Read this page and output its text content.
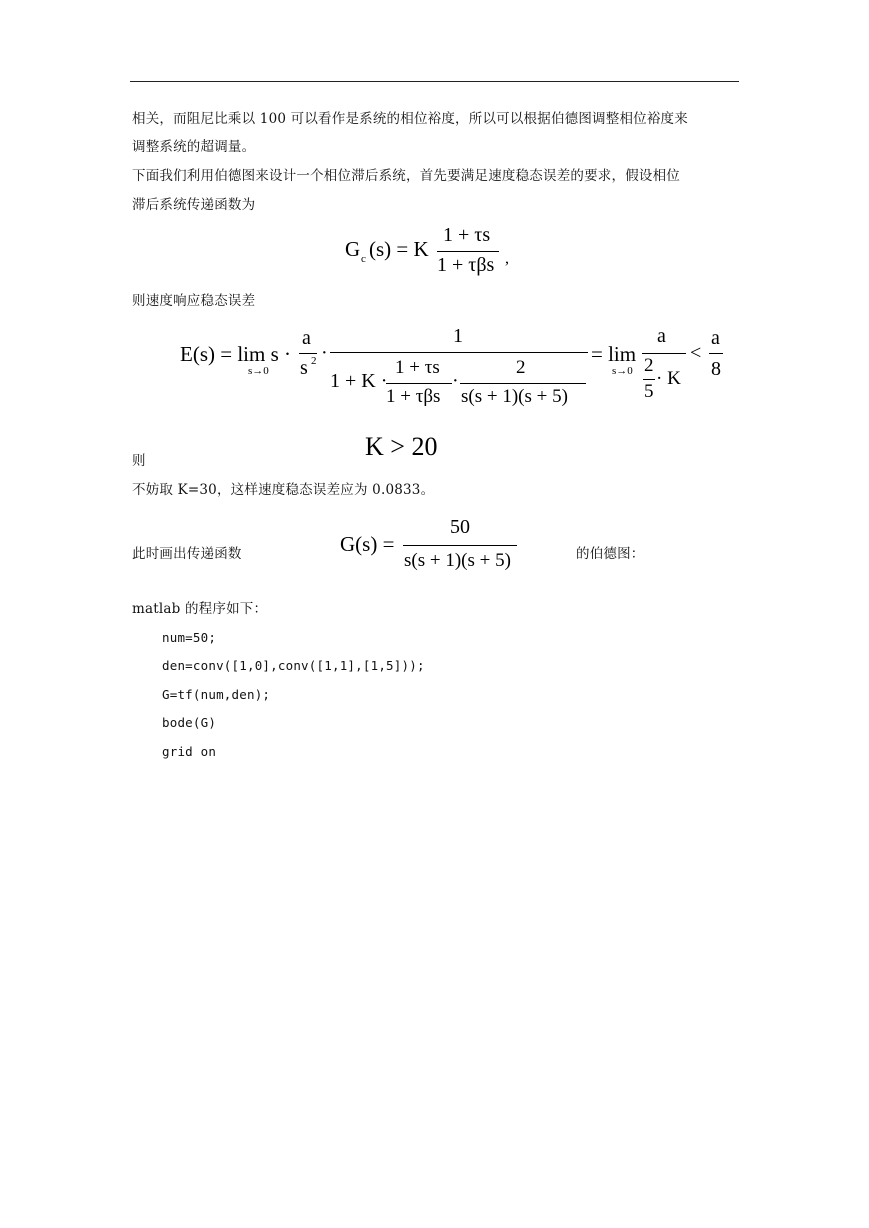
相关，而阻尼比乘以 100 可以看作是系统的相位裕度，所以可以根据伯德图调整相位裕度来
调整系统的超调量。
下面我们利用伯德图来设计一个相位滞后系统，首先要满足速度稳态误差的要求，假设相位
滞后系统传递函数为
G c (s) = K
1 + τs
1 + τβs ,
则速度响应稳态误差
E(s) = lim s ·
s→0
a
s 2 ·
1
1 + K ·
1 + τs
1 + τβs
·
2
s(s + 1)(s + 5)
= lim
s→0
a
2
5
· K
<
a
8
则	K > 20
不妨取 K=30，这样速度稳态误差应为 0.0833。
此时画出传递函数	G(s) =
50
s(s + 1)(s + 5)	的伯德图：
matlab 的程序如下：
num=50;
den=conv([1,0],conv([1,1],[1,5]));
G=tf(num,den);
bode(G)
grid on
